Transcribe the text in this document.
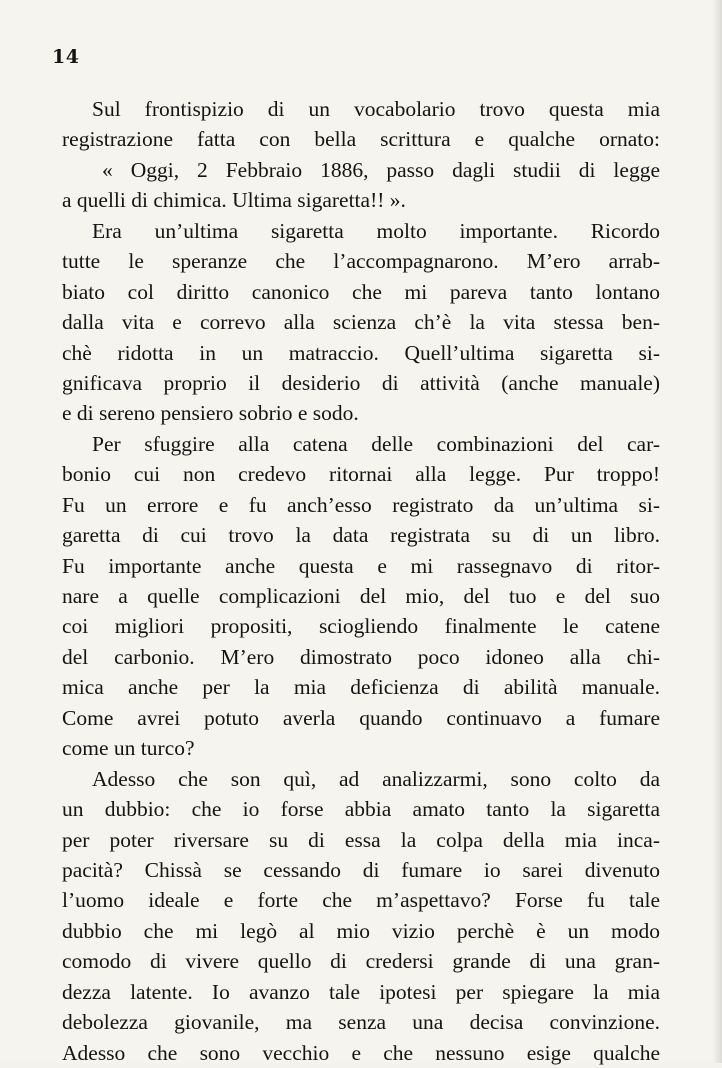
14
Sul frontispizio di un vocabolario trovo questa mia
registrazione fatta con bella scrittura e qualche ornato:
« Oggi, 2 Febbraio 1886, passo dagli studii di legge
a quelli di chimica. Ultima sigaretta!! ».
Era un’ultima sigaretta molto importante. Ricordo
tutte le speranze che l’accompagnarono. M’ero arrab-
biato col diritto canonico che mi pareva tanto lontano
dalla vita e correvo alla scienza ch’è la vita stessa ben-
chè ridotta in un matraccio. Quell’ultima sigaretta si-
gnificava proprio il desiderio di attività (anche manuale)
e di sereno pensiero sobrio e sodo.
Per sfuggire alla catena delle combinazioni del car-
bonio cui non credevo ritornai alla legge. Pur troppo!
Fu un errore e fu anch’esso registrato da un’ultima si-
garetta di cui trovo la data registrata su di un libro.
Fu importante anche questa e mi rassegnavo di ritor-
nare a quelle complicazioni del mio, del tuo e del suo
coi migliori propositi, sciogliendo finalmente le catene
del carbonio. M’ero dimostrato poco idoneo alla chi-
mica anche per la mia deficienza di abilità manuale.
Come avrei potuto averla quando continuavo a fumare
come un turco?
Adesso che son quì, ad analizzarmi, sono colto da
un dubbio: che io forse abbia amato tanto la sigaretta
per poter riversare su di essa la colpa della mia inca-
pacità? Chissà se cessando di fumare io sarei divenuto
l’uomo ideale e forte che m’aspettavo? Forse fu tale
dubbio che mi legò al mio vizio perchè è un modo
comodo di vivere quello di credersi grande di una gran-
dezza latente. Io avanzo tale ipotesi per spiegare la mia
debolezza giovanile, ma senza una decisa convinzione.
Adesso che sono vecchio e che nessuno esige qualche
